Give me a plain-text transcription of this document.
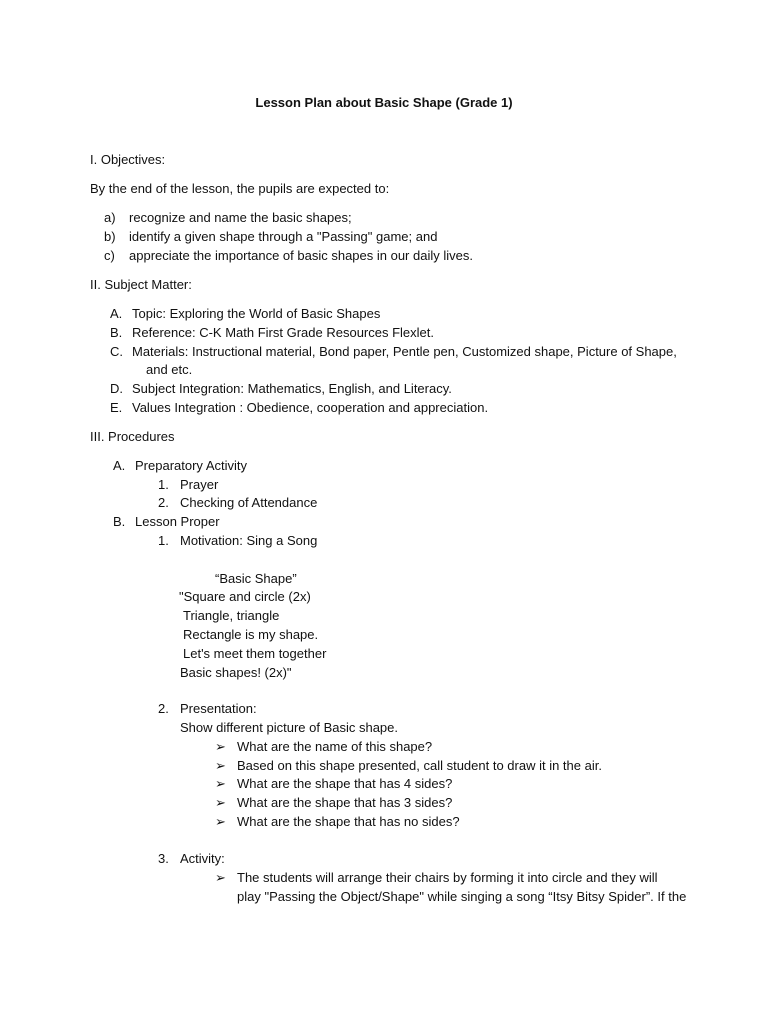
Lesson Plan about Basic Shape (Grade 1)
I. Objectives:
By the end of the lesson, the pupils are expected to:
a) recognize and name the basic shapes;
b) identify a given shape through a "Passing" game; and
c) appreciate the importance of basic shapes in our daily lives.
II. Subject Matter:
A. Topic: Exploring the World of Basic Shapes
B. Reference: C-K Math First Grade Resources Flexlet.
C. Materials: Instructional material, Bond paper, Pentle pen, Customized shape, Picture of Shape,
and etc.
D. Subject Integration: Mathematics, English, and Literacy.
E. Values Integration : Obedience, cooperation and appreciation.
III. Procedures
A. Preparatory Activity
1. Prayer
2. Checking of Attendance
B. Lesson Proper
1. Motivation: Sing a Song
“Basic Shape”
"Square and circle (2x)
Triangle, triangle
Rectangle is my shape.
Let's meet them together
Basic shapes! (2x)"
2. Presentation:
Show different picture of Basic shape.
➢ What are the name of this shape?
➢ Based on this shape presented, call student to draw it in the air.
➢ What are the shape that has 4 sides?
➢ What are the shape that has 3 sides?
➢ What are the shape that has no sides?
3. Activity:
➢ The students will arrange their chairs by forming it into circle and they will
play "Passing the Object/Shape" while singing a song “Itsy Bitsy Spider”. If the
